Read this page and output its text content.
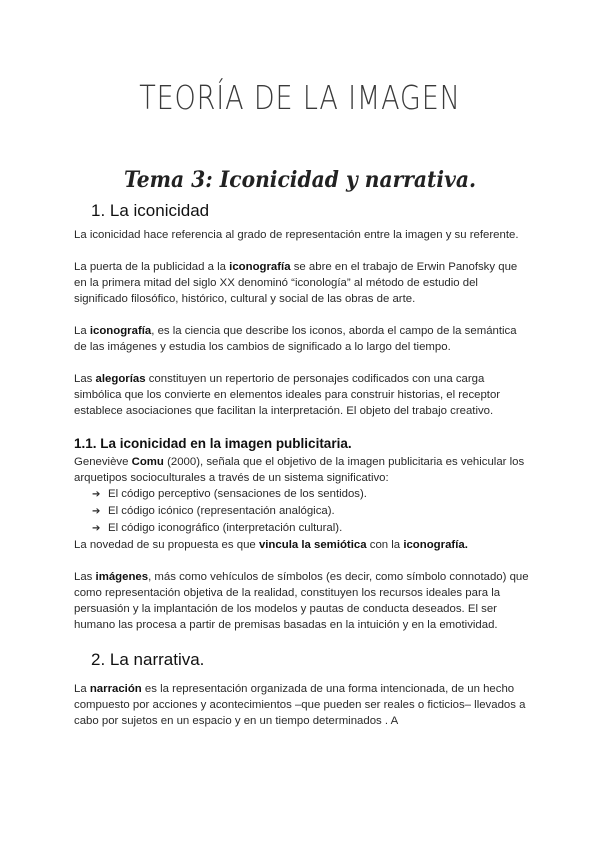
TEORÍA DE LA IMAGEN
Tema 3: Iconicidad y narrativa.
1. La iconicidad

La iconicidad hace referencia al grado de representación entre la imagen y su referente.

La puerta de la publicidad a la iconografía se abre en el trabajo de Erwin Panofsky que en la primera mitad del siglo XX denominó “iconología” al método de estudio del significado filosófico, histórico, cultural y social de las obras de arte.

La iconografía, es la ciencia que describe los iconos, aborda el campo de la semántica de las imágenes y estudia los cambios de significado a lo largo del tiempo.

Las alegorías constituyen un repertorio de personajes codificados con una carga simbólica que los convierte en elementos ideales para construir historias, el receptor establece asociaciones que facilitan la interpretación. El objeto del trabajo creativo.

1.1. La iconicidad en la imagen publicitaria.

Geneviève Comu (2000), señala que el objetivo de la imagen publicitaria es vehicular los arquetipos socioculturales a través de un sistema significativo:

➔ El código perceptivo (sensaciones de los sentidos).
➔ El código icónico (representación analógica).
➔ El código iconográfico (interpretación cultural).

La novedad de su propuesta es que vincula la semiótica con la iconografía.

Las imágenes, más como vehículos de símbolos (es decir, como símbolo connotado) que como representación objetiva de la realidad, constituyen los recursos ideales para la persuasión y la implantación de los modelos y pautas de conducta deseados. El ser humano las procesa a partir de premisas basadas en la intuición y en la emotividad.

2. La narrativa.

La narración es la representación organizada de una forma intencionada, de un hecho compuesto por acciones y acontecimientos –que pueden ser reales o ficticios– llevados a cabo por sujetos en un espacio y en un tiempo determinados . A
